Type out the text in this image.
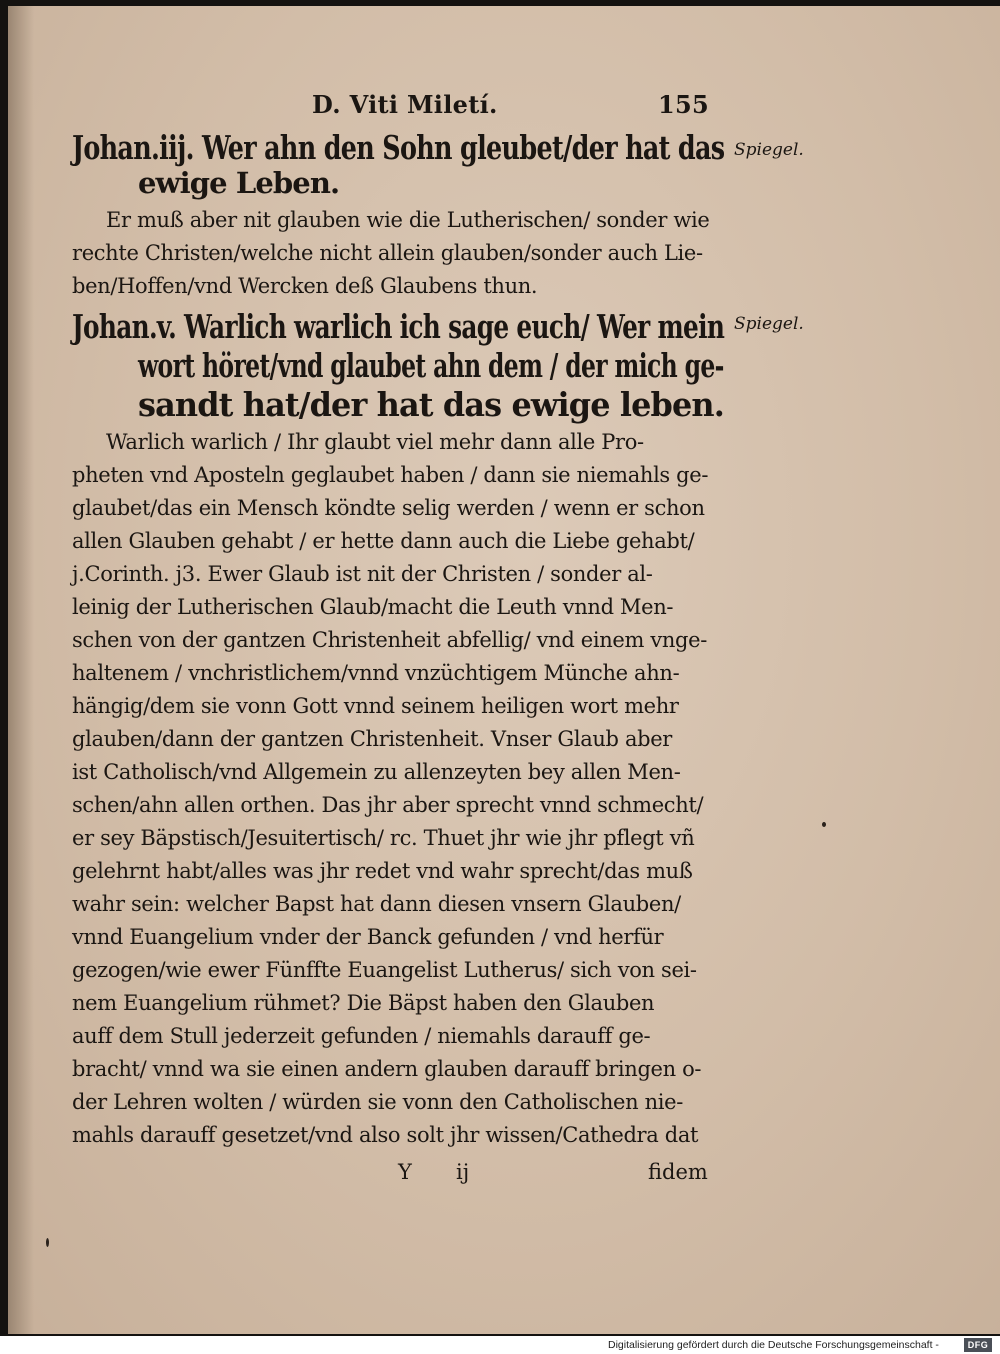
D. Viti Miletí.	155
Spiegel.
Spiegel.
Johan.iij. Wer ahn den Sohn gleubet/der hat das
ewige Leben.
Er muß aber nit glauben wie die Lutherischen/ sonder wie
rechte Christen/welche nicht allein glauben/sonder auch Lie-
ben/Hoffen/vnd Wercken deß Glaubens thun.
Johan.v. Warlich warlich ich sage euch/ Wer mein
wort höret/vnd glaubet ahn dem / der mich ge-
sandt hat/der hat das ewige leben.
Warlich warlich / Ihr glaubt viel mehr dann alle Pro-
pheten vnd Aposteln geglaubet haben / dann sie niemahls ge-
glaubet/das ein Mensch köndte selig werden / wenn er schon
allen Glauben gehabt / er hette dann auch die Liebe gehabt/
j.Corinth. j3. Ewer Glaub ist nit der Christen / sonder al-
leinig der Lutherischen Glaub/macht die Leuth vnnd Men-
schen von der gantzen Christenheit abfellig/ vnd einem vnge-
haltenem / vnchristlichem/vnnd vnzüchtigem Münche ahn-
hängig/dem sie vonn Gott vnnd seinem heiligen wort mehr
glauben/dann der gantzen Christenheit. Vnser Glaub aber
ist Catholisch/vnd Allgemein zu allenzeyten bey allen Men-
schen/ahn allen orthen. Das jhr aber sprecht vnnd schmecht/
er sey Bäpstisch/Jesuitertisch/ rc. Thuet jhr wie jhr pflegt vñ
gelehrnt habt/alles was jhr redet vnd wahr sprecht/das muß
wahr sein: welcher Bapst hat dann diesen vnsern Glauben/
vnnd Euangelium vnder der Banck gefunden / vnd herfür
gezogen/wie ewer Fünffte Euangelist Lutherus/ sich von sei-
nem Euangelium rühmet? Die Bäpst haben den Glauben
auff dem Stull jederzeit gefunden / niemahls darauff ge-
bracht/ vnnd wa sie einen andern glauben darauff bringen o-
der Lehren wolten / würden sie vonn den Catholischen nie-
mahls darauff gesetzet/vnd also solt jhr wissen/Cathedra dat
Y ij	fidem
Digitalisierung gefördert durch die Deutsche Forschungsgemeinschaft -	DFG
